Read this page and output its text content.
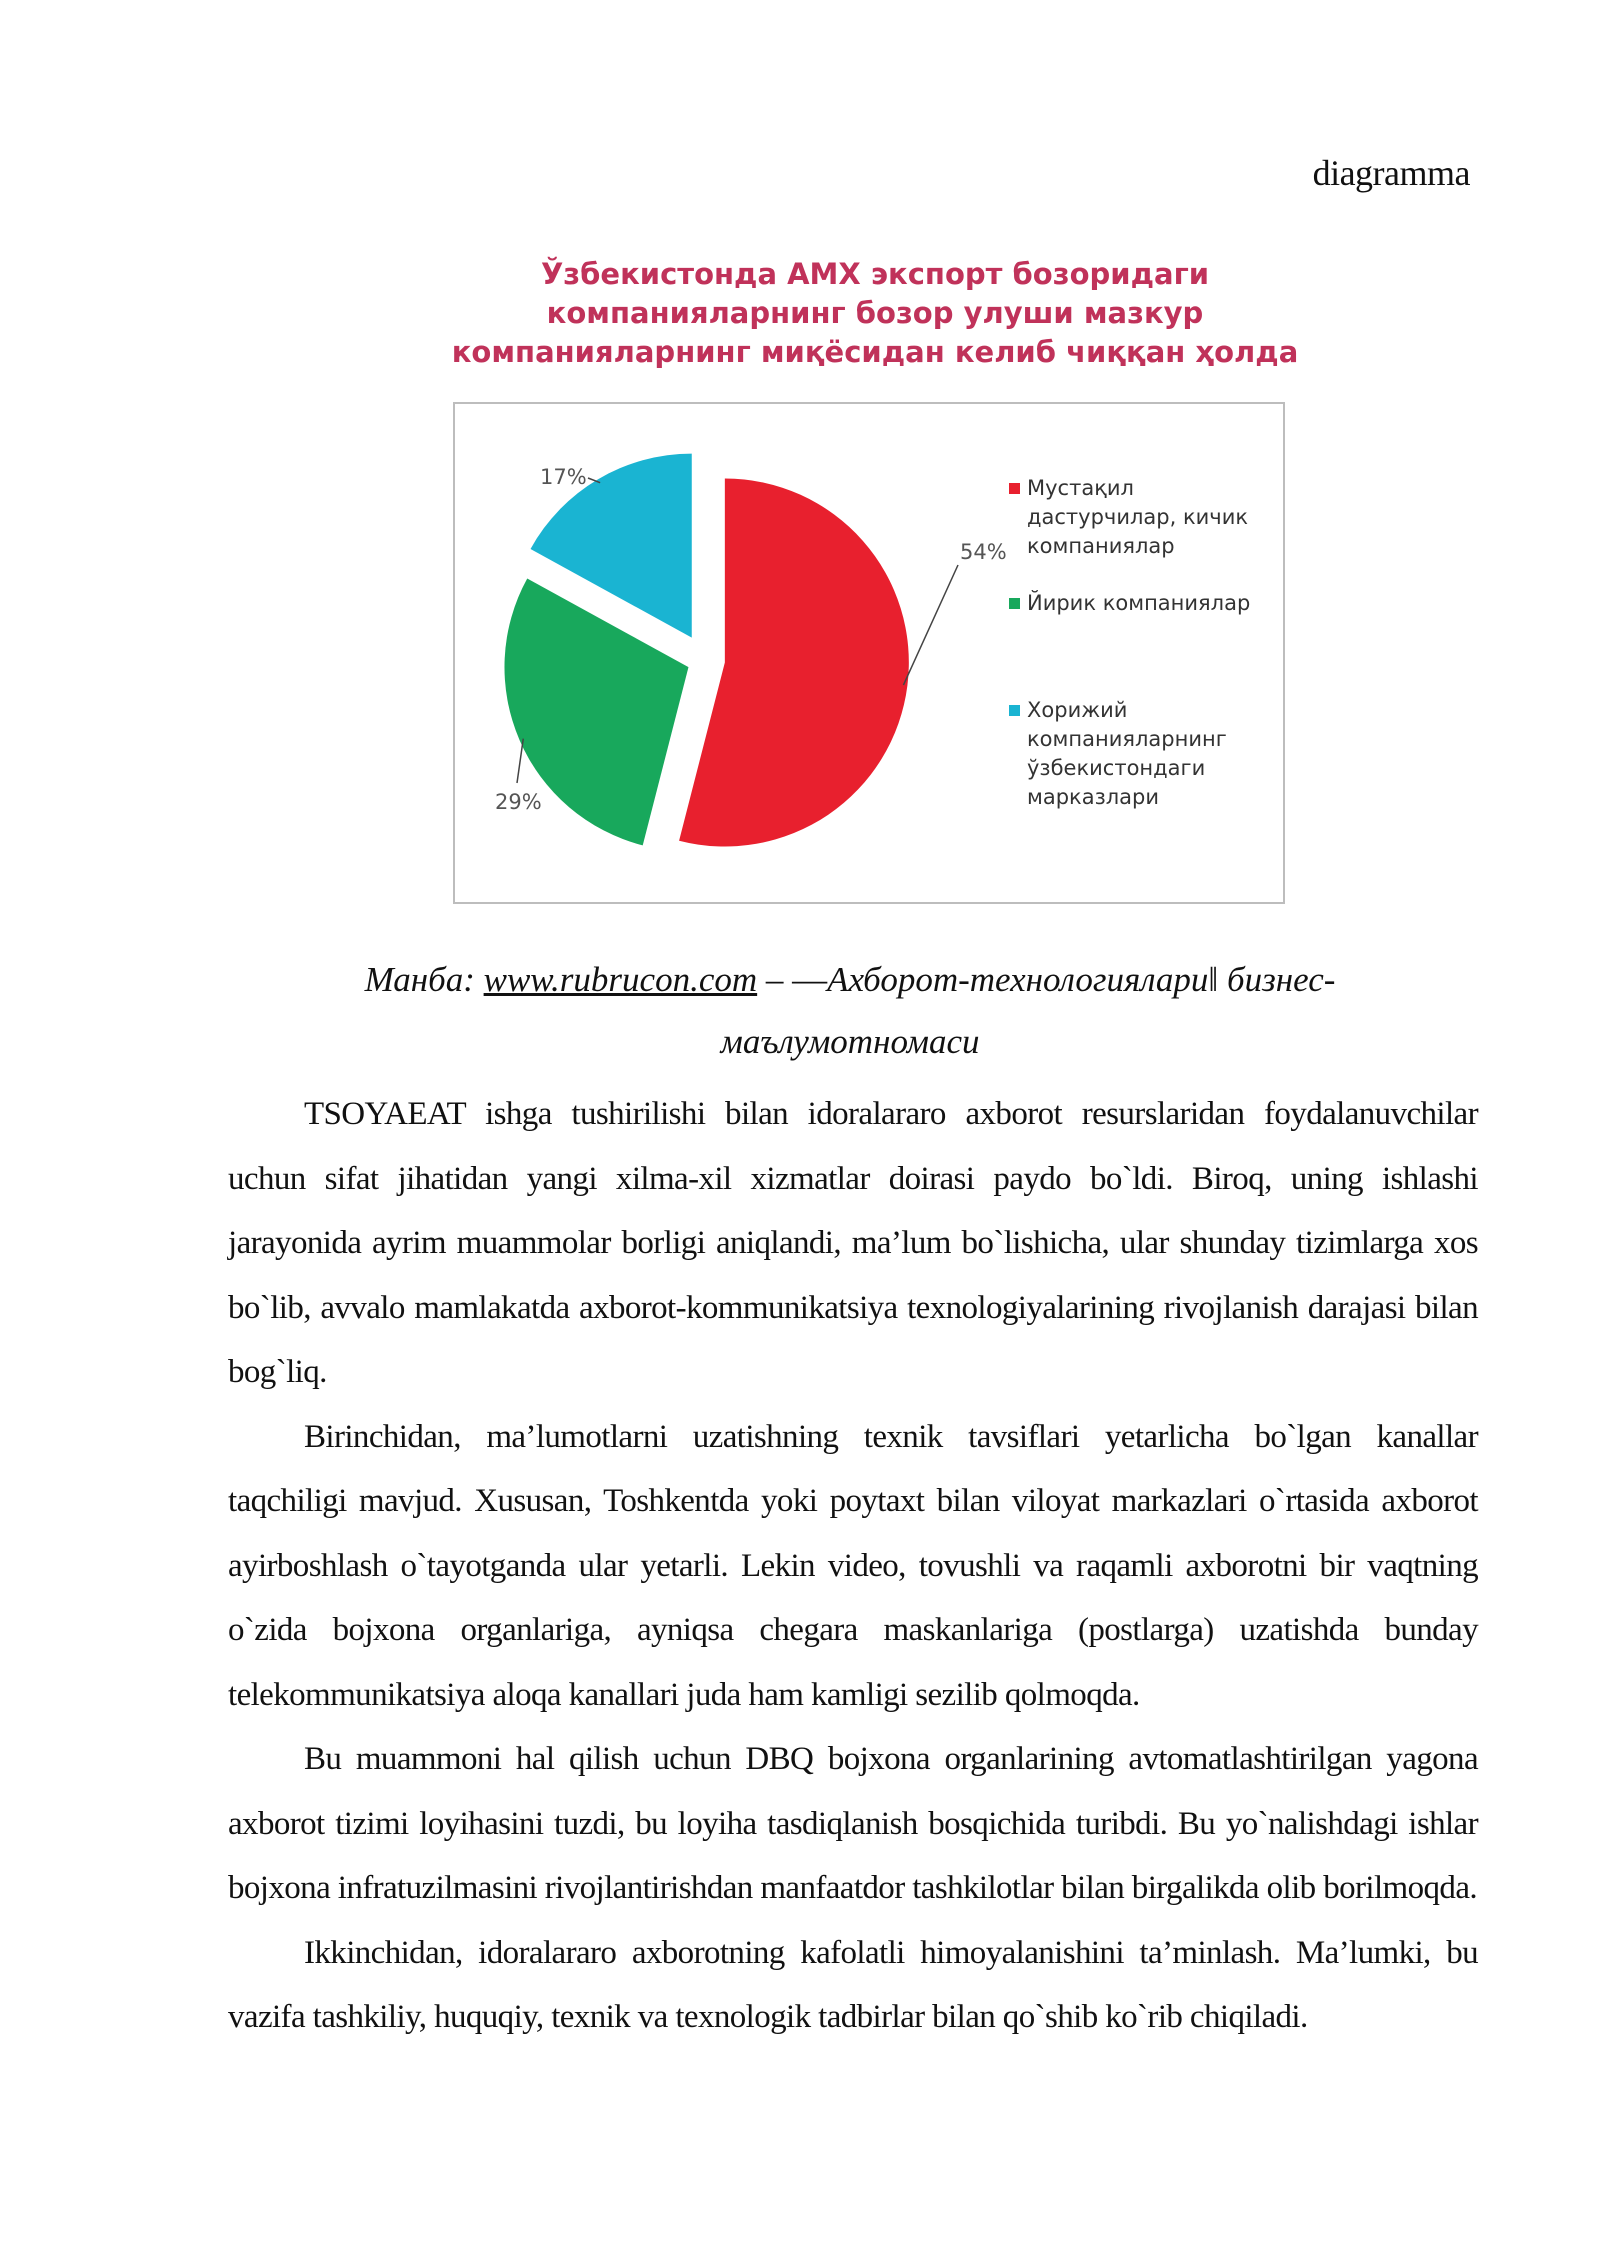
diagramma
Ўзбекистонда АМХ экспорт бозоридаги
компанияларнинг бозор улуши мазкур
компанияларнинг миқёсидан келиб чиққан ҳолда
54%
29%
17%	Мустақил
дастурчилар, кичик
компаниялар
Йирик компаниялар
Хорижий
компанияларнинг
ўзбекистондаги
марказлари
Манба: www.rubrucon.com – ―Ахборот-технологиялари‖ бизнес-
маълумотномаси

TSOYAEAT ishga tushirilishi bilan idoralararo axborot resurslaridan foydalanuvchilar uchun sifat jihatidan yangi xilma-xil xizmatlar doirasi paydo bo`ldi. Biroq, uning ishlashi jarayonida ayrim muammolar borligi aniqlandi, ma’lum bo`lishicha, ular shunday tizimlarga xos bo`lib, avvalo mamlakatda axborot-kommunikatsiya texnologiyalarining rivojlanish darajasi bilan bog`liq.

Birinchidan, ma’lumotlarni uzatishning texnik tavsiflari yetarlicha bo`lgan kanallar taqchiligi mavjud. Xususan, Toshkentda yoki poytaxt bilan viloyat markazlari o`rtasida axborot ayirboshlash o`tayotganda ular yetarli. Lekin video, tovushli va raqamli axborotni bir vaqtning o`zida bojxona organlariga, ayniqsa chegara maskanlariga (postlarga) uzatishda bunday telekommunikatsiya aloqa kanallari juda ham kamligi sezilib qolmoqda.

Bu muammoni hal qilish uchun DBQ bojxona organlarining avtomatlashtirilgan yagona axborot tizimi loyihasini tuzdi, bu loyiha tasdiqlanish bosqichida turibdi. Bu yo`nalishdagi ishlar bojxona infratuzilmasini rivojlantirishdan manfaatdor tashkilotlar bilan birgalikda olib borilmoqda.

Ikkinchidan, idoralararo axborotning kafolatli himoyalanishini ta’minlash. Ma’lumki, bu vazifa tashkiliy, huquqiy, texnik va texnologik tadbirlar bilan qo`shib ko`rib chiqiladi.
